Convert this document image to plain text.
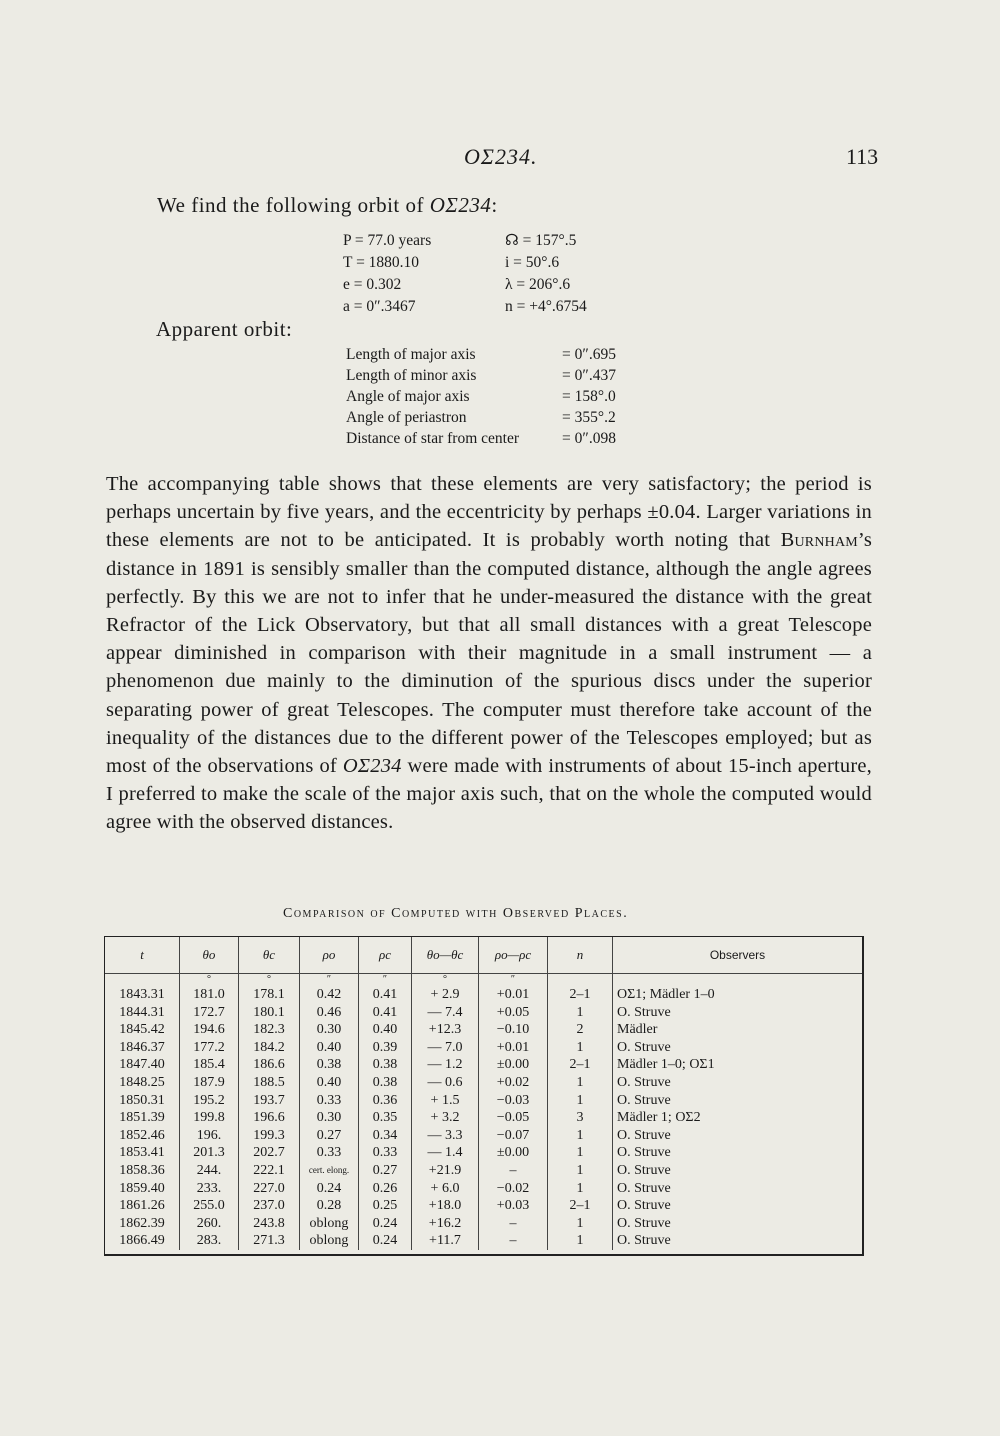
OΣ234.	113
We find the following orbit of OΣ234:
P = 77.0 years	☊ = 157°.5
T = 1880.10	i = 50°.6
e = 0.302	λ = 206°.6
a = 0″.3467	n = +4°.6754
Apparent orbit:
Length of major axis	= 0″.695
Length of minor axis	= 0″.437
Angle of major axis	= 158°.0
Angle of periastron	= 355°.2
Distance of star from center	= 0″.098
The accompanying table shows that these elements are very satisfactory; the period is perhaps uncertain by five years, and the eccentricity by perhaps ±0.04. Larger variations in these elements are not to be anticipated. It is probably worth noting that Burnham’s distance in 1891 is sensibly smaller than the computed distance, although the angle agrees perfectly. By this we are not to infer that he under-measured the distance with the great Refractor of the Lick Observatory, but that all small distances with a great Telescope appear diminished in comparison with their magnitude in a small instrument — a phenomenon due mainly to the diminution of the spurious discs under the superior separating power of great Telescopes. The computer must therefore take account of the inequality of the distances due to the different power of the Telescopes employed; but as most of the observations of OΣ234 were made with instruments of about 15-inch aperture, I preferred to make the scale of the major axis such, that on the whole the computed would agree with the observed distances.
Comparison of Computed with Observed Places.
t	θo	θc	ρo	ρc	θo—θc	ρo—ρc	n	Observers
	°	°	″	″	°	″		
1843.31	181.0	178.1	0.42	0.41	+ 2.9	+0.01	2–1	OΣ1; Mädler 1–0
1844.31	172.7	180.1	0.46	0.41	— 7.4	+0.05	1	O. Struve
1845.42	194.6	182.3	0.30	0.40	+12.3	−0.10	2	Mädler
1846.37	177.2	184.2	0.40	0.39	— 7.0	+0.01	1	O. Struve
1847.40	185.4	186.6	0.38	0.38	— 1.2	±0.00	2–1	Mädler 1–0; OΣ1
1848.25	187.9	188.5	0.40	0.38	— 0.6	+0.02	1	O. Struve
1850.31	195.2	193.7	0.33	0.36	+ 1.5	−0.03	1	O. Struve
1851.39	199.8	196.6	0.30	0.35	+ 3.2	−0.05	3	Mädler 1; OΣ2
1852.46	196.	199.3	0.27	0.34	— 3.3	−0.07	1	O. Struve
1853.41	201.3	202.7	0.33	0.33	— 1.4	±0.00	1	O. Struve
1858.36	244.	222.1	cert. elong.	0.27	+21.9	–	1	O. Struve
1859.40	233.	227.0	0.24	0.26	+ 6.0	−0.02	1	O. Struve
1861.26	255.0	237.0	0.28	0.25	+18.0	+0.03	2–1	O. Struve
1862.39	260.	243.8	oblong	0.24	+16.2	–	1	O. Struve
1866.49	283.	271.3	oblong	0.24	+11.7	–	1	O. Struve
